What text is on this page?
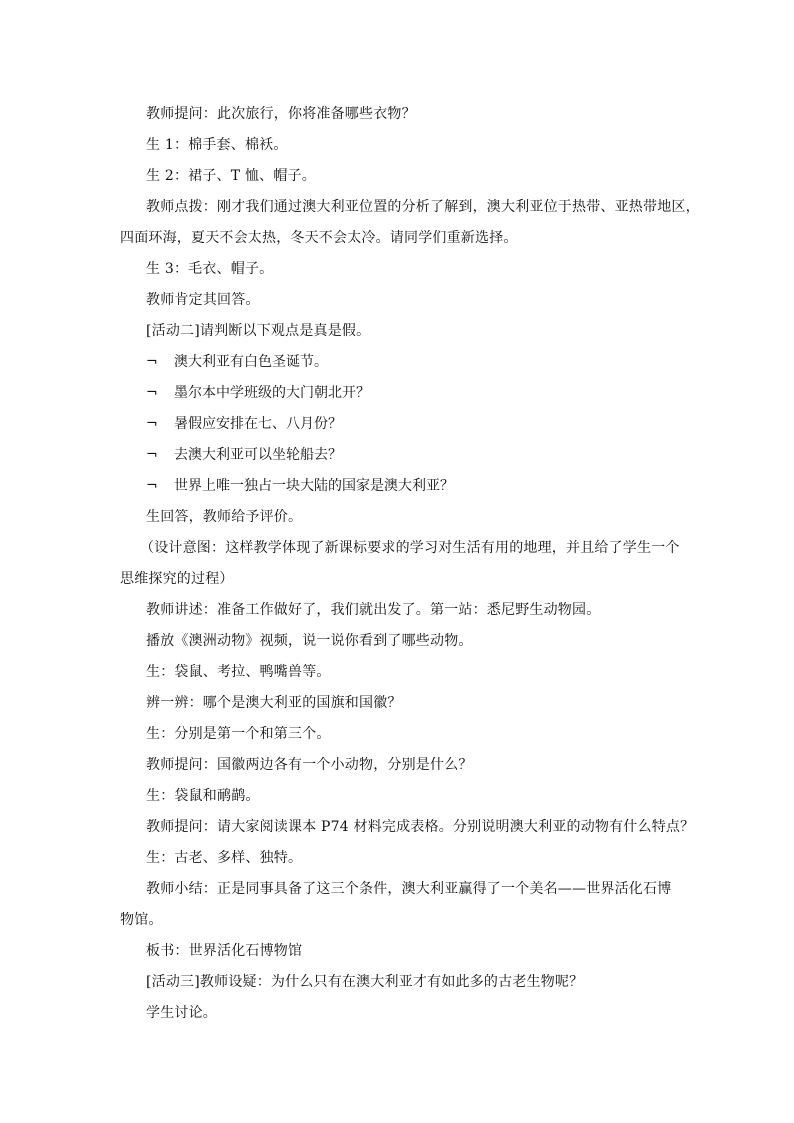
教师提问：此次旅行，你将准备哪些衣物？
生 1：棉手套、棉袄。
生 2：裙子、T 恤、帽子。
教师点拨：刚才我们通过澳大利亚位置的分析了解到，澳大利亚位于热带、亚热带地区，
四面环海，夏天不会太热，冬天不会太冷。请同学们重新选择。
生 3：毛衣、帽子。
教师肯定其回答。
[活动二]请判断以下观点是真是假。
¬ 澳大利亚有白色圣诞节。
¬ 墨尔本中学班级的大门朝北开？
¬ 暑假应安排在七、八月份？
¬ 去澳大利亚可以坐轮船去？
¬ 世界上唯一独占一块大陆的国家是澳大利亚？
生回答，教师给予评价。
（设计意图：这样教学体现了新课标要求的学习对生活有用的地理，并且给了学生一个
思维探究的过程）
教师讲述：准备工作做好了，我们就出发了。第一站：悉尼野生动物园。
播放《澳洲动物》视频，说一说你看到了哪些动物。
生：袋鼠、考拉、鸭嘴兽等。
辨一辨：哪个是澳大利亚的国旗和国徽？
生：分别是第一个和第三个。
教师提问：国徽两边各有一个小动物，分别是什么？
生：袋鼠和鸸鹋。
教师提问：请大家阅读课本 P74 材料完成表格。分别说明澳大利亚的动物有什么特点？
生：古老、多样、独特。
教师小结：正是同事具备了这三个条件，澳大利亚赢得了一个美名——世界活化石博
物馆。
板书：世界活化石博物馆
[活动三]教师设疑：为什么只有在澳大利亚才有如此多的古老生物呢？
学生讨论。
